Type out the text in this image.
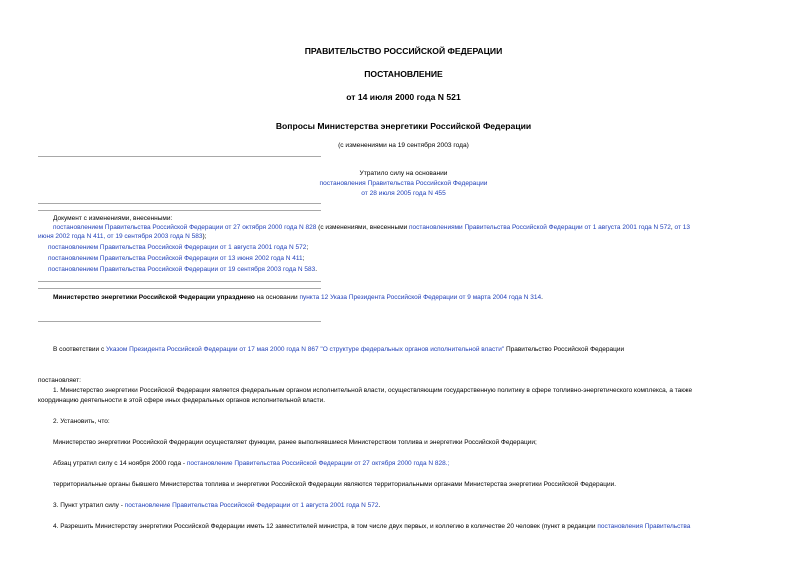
ПРАВИТЕЛЬСТВО РОССИЙСКОЙ ФЕДЕРАЦИИ
ПОСТАНОВЛЕНИЕ
от 14 июля 2000 года N 521
Вопросы Министерства энергетики Российской Федерации
(с изменениями на 19 сентября 2003 года)
Утратило силу на основании
постановления Правительства Российской Федерации
от 28 июля 2005 года N 455
Документ с изменениями, внесенными:
постановлением Правительства Российской Федерации от 27 октября 2000 года N 828 (с изменениями, внесенными постановлениями Правительства Российской Федерации от 1 августа 2001 года N 572, от 13
июня 2002 года N 411, от 19 сентября 2003 года N 583);
постановлением Правительства Российской Федерации от 1 августа 2001 года N 572;
постановлением Правительства Российской Федерации от 13 июня 2002 года N 411;
постановлением Правительства Российской Федерации от 19 сентября 2003 года N 583.
Министерство энергетики Российской Федерации упразднено на основании пункта 12 Указа Президента Российской Федерации от 9 марта 2004 года N 314.
В соответствии с Указом Президента Российской Федерации от 17 мая 2000 года N 867 "О структуре федеральных органов исполнительной власти" Правительство Российской Федерации
постановляет:
1. Министерство энергетики Российской Федерации является федеральным органом исполнительной власти, осуществляющим государственную политику в сфере топливно-энергетического комплекса, а также
координацию деятельности в этой сфере иных федеральных органов исполнительной власти.
2. Установить, что:
Министерство энергетики Российской Федерации осуществляет функции, ранее выполнявшиеся Министерством топлива и энергетики Российской Федерации;
Абзац утратил силу с 14 ноября 2000 года - постановление Правительства Российской Федерации от 27 октября 2000 года N 828.;
территориальные органы бывшего Министерства топлива и энергетики Российской Федерации являются территориальными органами Министерства энергетики Российской Федерации.
3. Пункт утратил силу - постановление Правительства Российской Федерации от 1 августа 2001 года N 572.
4. Разрешить Министерству энергетики Российской Федерации иметь 12 заместителей министра, в том числе двух первых, и коллегию в количестве 20 человек (пункт в редакции постановления Правительства
